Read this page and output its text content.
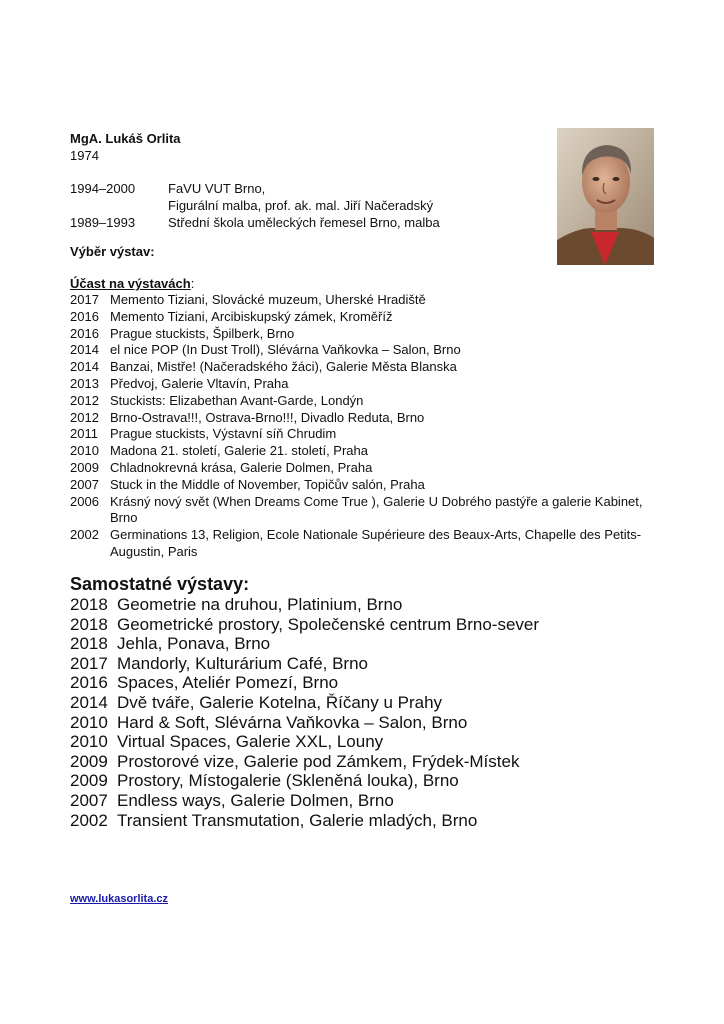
MgA. Lukáš Orlita
1974
1994–2000	FaVU VUT Brno,
Figurální malba, prof. ak. mal. Jiří Načeradský
1989–1993	Střední škola uměleckých řemesel Brno, malba
Výběr výstav:
Účast na výstavách:
2017 Memento Tiziani, Slovácké muzeum, Uherské Hradiště
2016 Memento Tiziani, Arcibiskupský zámek, Kroměříž
2016 Prague stuckists, Špilberk, Brno
2014 el nice POP (In Dust Troll), Slévárna Vaňkovka – Salon, Brno
2014 Banzai, Mistře! (Načeradského žáci), Galerie Města Blanska
2013 Předvoj, Galerie Vltavín, Praha
2012 Stuckists: Elizabethan Avant-Garde, Londýn
2012 Brno-Ostrava!!!, Ostrava-Brno!!!, Divadlo Reduta, Brno
2011 Prague stuckists, Výstavní síň Chrudim
2010 Madona 21. století, Galerie 21. století, Praha
2009 Chladnokrevná krása, Galerie Dolmen, Praha
2007 Stuck in the Middle of November, Topičův salón, Praha
2006 Krásný nový svět (When Dreams Come True ), Galerie U Dobrého pastýře a galerie Kabinet, Brno
2002 Germinations 13, Religion, Ecole Nationale Supérieure des Beaux-Arts, Chapelle des Petits-Augustin, Paris
Samostatné výstavy:
2018 Geometrie na druhou, Platinium, Brno
2018 Geometrické prostory, Společenské centrum Brno-sever
2018 Jehla, Ponava, Brno
2017 Mandorly, Kulturárium Café, Brno
2016 Spaces, Ateliér Pomezí, Brno
2014 Dvě tváře, Galerie Kotelna, Říčany u Prahy
2010 Hard & Soft, Slévárna Vaňkovka – Salon, Brno
2010 Virtual Spaces, Galerie XXL, Louny
2009 Prostorové vize, Galerie pod Zámkem, Frýdek-Místek
2009 Prostory, Místogalerie (Skleněná louka), Brno
2007 Endless ways, Galerie Dolmen, Brno
2002 Transient Transmutation, Galerie mladých, Brno
www.lukasorlita.cz
